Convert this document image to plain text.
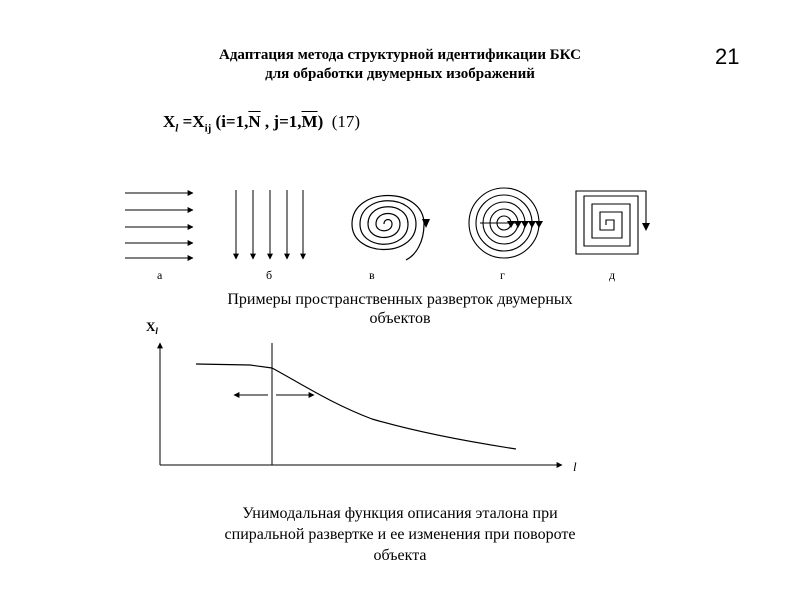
Адаптация метода структурной идентификации БКС
для обработки двумерных изображений
21
$X_l =X_{ij}$ ($i=1,\overline{N}$ , $j=1,\overline{M}$) (17)
а	б	в	г	д
$X_l$
l
Примеры пространственных разверток двумерных
объектов
Унимодальная функция описания эталона при
спиральной развертке и ее изменения при повороте
объекта
